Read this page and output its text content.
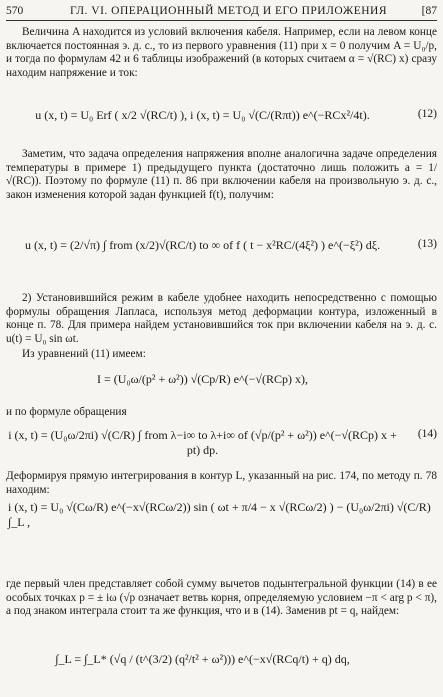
570	ГЛ. VI. ОПЕРАЦИОННЫЙ МЕТОД И ЕГО ПРИЛОЖЕНИЯ	[87
Величина A находится из условий включения кабеля. Например, если на левом конце включается постоянная э. д. с., то из первого уравнения (11) при x = 0 получим A = U₀/p, и тогда по формулам 42 и 6 таблицы изображений (в которых считаем α = √(RC) x) сразу находим напряжение и ток:
u (x, t) = U₀ Erf ( x/2 √(RC/t) ), i (x, t) = U₀ √(C/(Rπt)) e^(−RCx²/4t).	(12)
Заметим, что задача определения напряжения вполне аналогична задаче определения температуры в примере 1) предыдущего пункта (достаточно лишь положить a = 1/√(RC)). Поэтому по формуле (11) п. 86 при включении кабеля на произвольную э. д. с., закон изменения которой задан функцией f(t), получим:
u (x, t) = (2/√π) ∫ from (x/2)√(RC/t) to ∞ of f ( t − x²RC/(4ξ²) ) e^(−ξ²) dξ.	(13)
2) Установившийся режим в кабеле удобнее находить непосредственно с помощью формулы обращения Лапласа, используя метод деформации контура, изложенный в конце п. 78. Для примера найдем установившийся ток при включении кабеля на э. д. с. u(t) = U₀ sin ωt.
Из уравнений (11) имеем:
I = (U₀ω/(p² + ω²)) √(Cp/R) e^(−√(RCp) x),
и по формуле обращения
i (x, t) = (U₀ω/2πi) √(C/R) ∫ from λ−i∞ to λ+i∞ of (√p/(p² + ω²)) e^(−√(RCp) x + pt) dp.
(14)
Деформируя прямую интегрирования в контур L, указанный на рис. 174, по методу п. 78 находим:
i (x, t) = U₀ √(Cω/R) e^(−x√(RCω/2)) sin ( ωt + π/4 − x √(RCω/2) ) − (U₀ω/2πi) √(C/R) ∫_L ,
где первый член представляет собой сумму вычетов подынтегральной функции (14) в ее особых точках p = ± iω (√p означает ветвь корня, определяемую условием −π < arg p < π), а под знаком интеграла стоит та же функция, что и в (14). Заменив pt = q, найдем:
∫_L = ∫_L* (√q / (t^(3/2) (q²/t² + ω²))) e^(−x√(RCq/t) + q) dq,
